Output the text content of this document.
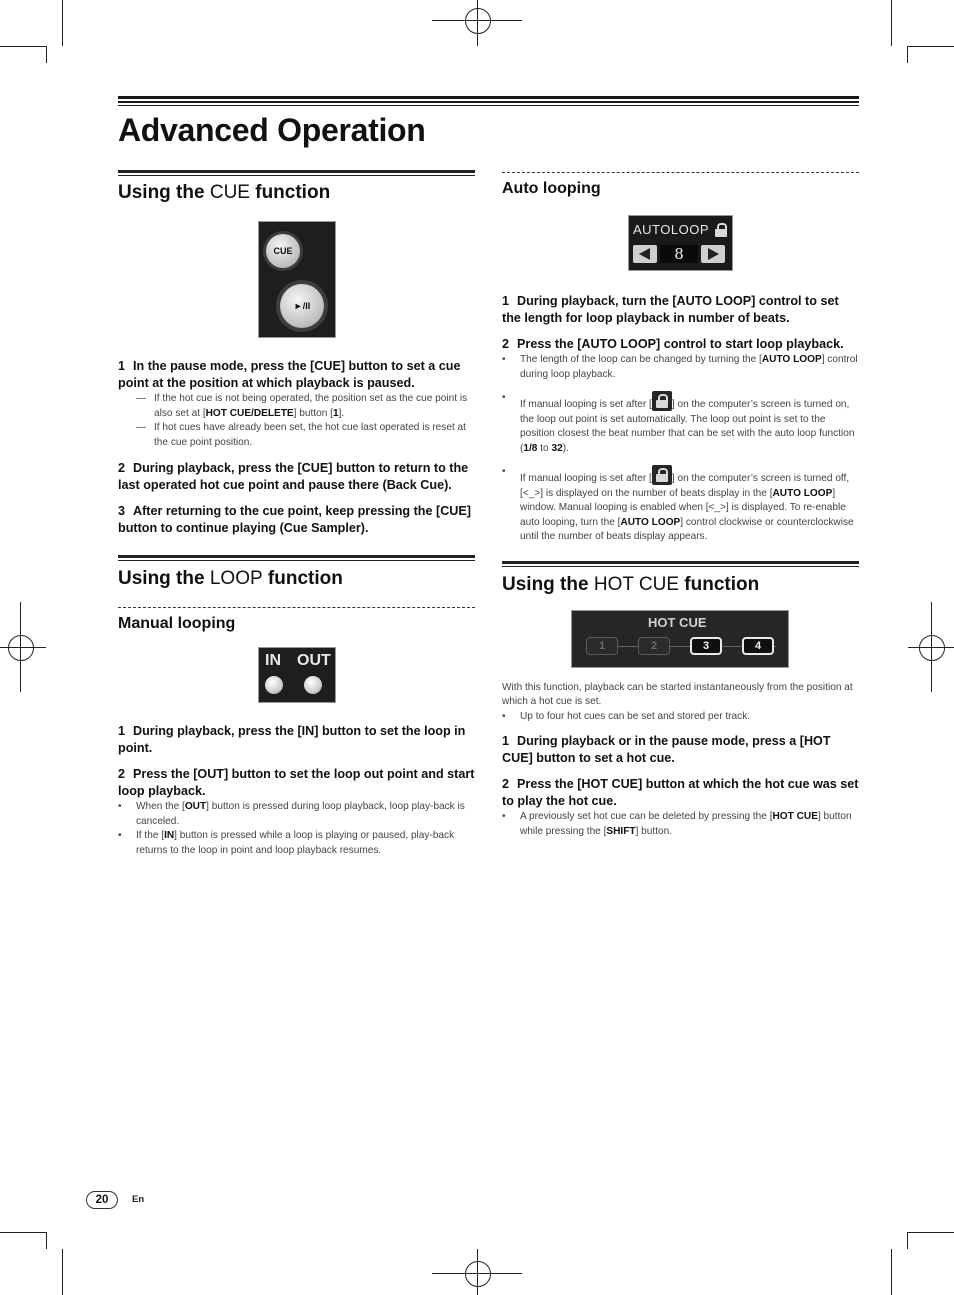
Advanced Operation
Using the CUE function
CUE
►/II

1 In the pause mode, press the [CUE] button to set a cue point at the position at which playback is paused.

— If the hot cue is not being operated, the position set as the cue point is also set at [HOT CUE/DELETE] button [1].

— If hot cues have already been set, the hot cue last operated is reset at the cue point position.

2 During playback, press the [CUE] button to return to the last operated hot cue point and pause there (Back Cue).

3 After returning to the cue point, keep pressing the [CUE] button to continue playing (Cue Sampler).

Using the LOOP function
Manual looping
IN OUT

1 During playback, press the [IN] button to set the loop in point.

2 Press the [OUT] button to set the loop out point and start loop playback.

• When the [OUT] button is pressed during loop playback, loop play-back is canceled.

• If the [IN] button is pressed while a loop is playing or paused, play-back returns to the loop in point and loop playback resumes.

Auto looping
AUTOLOOP
8

1 During playback, turn the [AUTO LOOP] control to set the length for loop playback in number of beats.

2 Press the [AUTO LOOP] control to start loop playback.

• The length of the loop can be changed by turning the [AUTO LOOP] control during loop playback.

•
If manual looping is set after [ ] on the computer’s screen is turned on, the loop out point is set automatically. The loop out point is set to the position closest the beat number that can be set with the auto loop function (1/8 to 32).

•
If manual looping is set after [ ] on the computer’s screen is turned off, [<_>] is displayed on the number of beats display in the [AUTO LOOP] window. Manual looping is enabled when [<_>] is displayed. To re-enable auto looping, turn the [AUTO LOOP] control clockwise or counterclockwise until the number of beats display appears.

Using the HOT CUE function
HOT CUE
1	2	3	4

With this function, playback can be started instantaneously from the position at which a hot cue is set.

• Up to four hot cues can be set and stored per track.

1 During playback or in the pause mode, press a [HOT CUE] button to set a hot cue.

2 Press the [HOT CUE] button at which the hot cue was set to play the hot cue.

• A previously set hot cue can be deleted by pressing the [HOT CUE] button while pressing the [SHIFT] button.

20	En
